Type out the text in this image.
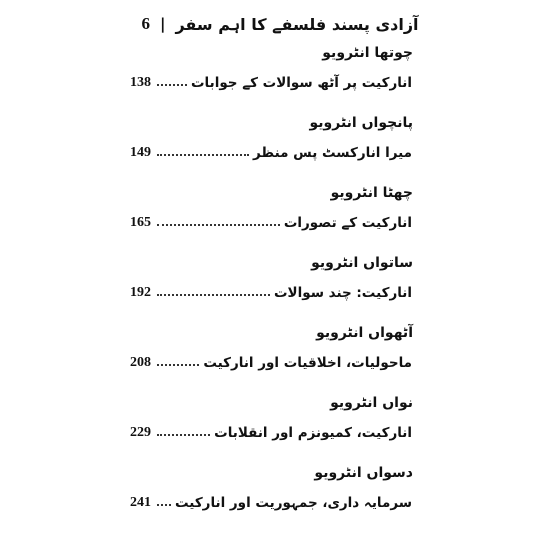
6 | آزادی پسند فلسفے کا اہم سفر
چوتھا انٹرویو
138	انارکیت پر آٹھ سوالات کے جوابات
پانچواں انٹرویو
149	میرا انارکسٹ پس منظر
چھٹا انٹرویو
165	انارکیت کے تصورات
ساتواں انٹرویو
192	انارکیت: چند سوالات
آٹھواں انٹرویو
208	ماحولیات، اخلاقیات اور انارکیت
نواں انٹرویو
229	انارکیت، کمیونزم اور انقلابات
دسواں انٹرویو
241 سرمایہ داری، جمہوریت اور انارکیت
